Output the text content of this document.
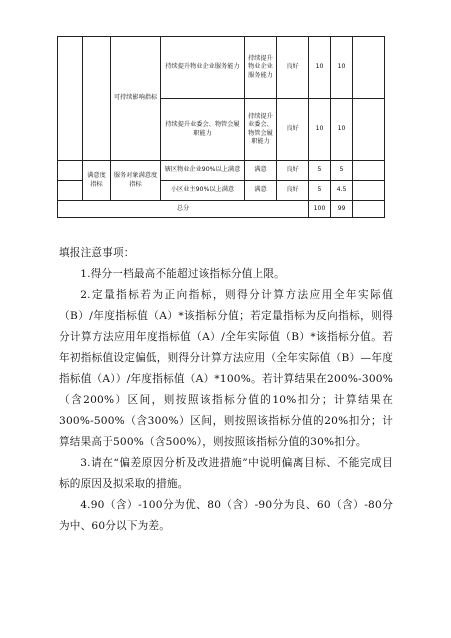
		可持续影响指标	持续提升物业企业服务能力	持续提升物业企业服务能力	良好	10	10	
			持续提升业委会、物管会履职能力	持续提升业委会、物管会履职能力	良好	10	10	
	满意度指标	服务对象满意度指标	辖区物业企业90%以上满意	满意	良好	5	5	
			小区业主90%以上满意	满意	良好	5	4.5	
总分						100	99	

填报注意事项：

1.得分一档最高不能超过该指标分值上限。

2.定量指标若为正向指标，则得分计算方法应用全年实际值（B）/年度指标值（A）*该指标分值；若定量指标为反向指标，则得分计算方法应用年度指标值（A）/全年实际值（B）*该指标分值。若年初指标值设定偏低，则得分计算方法应用（全年实际值（B）—年度指标值（A））/年度指标值（A）*100%。若计算结果在200%-300%（含200%）区间，则按照该指标分值的10%扣分；计算结果在300%-500%（含300%）区间，则按照该指标分值的20%扣分；计算结果高于500%（含500%），则按照该指标分值的30%扣分。

3.请在“偏差原因分析及改进措施”中说明偏离目标、不能完成目标的原因及拟采取的措施。

4.90（含）-100分为优、80（含）-90分为良、60（含）-80分为中、60分以下为差。
